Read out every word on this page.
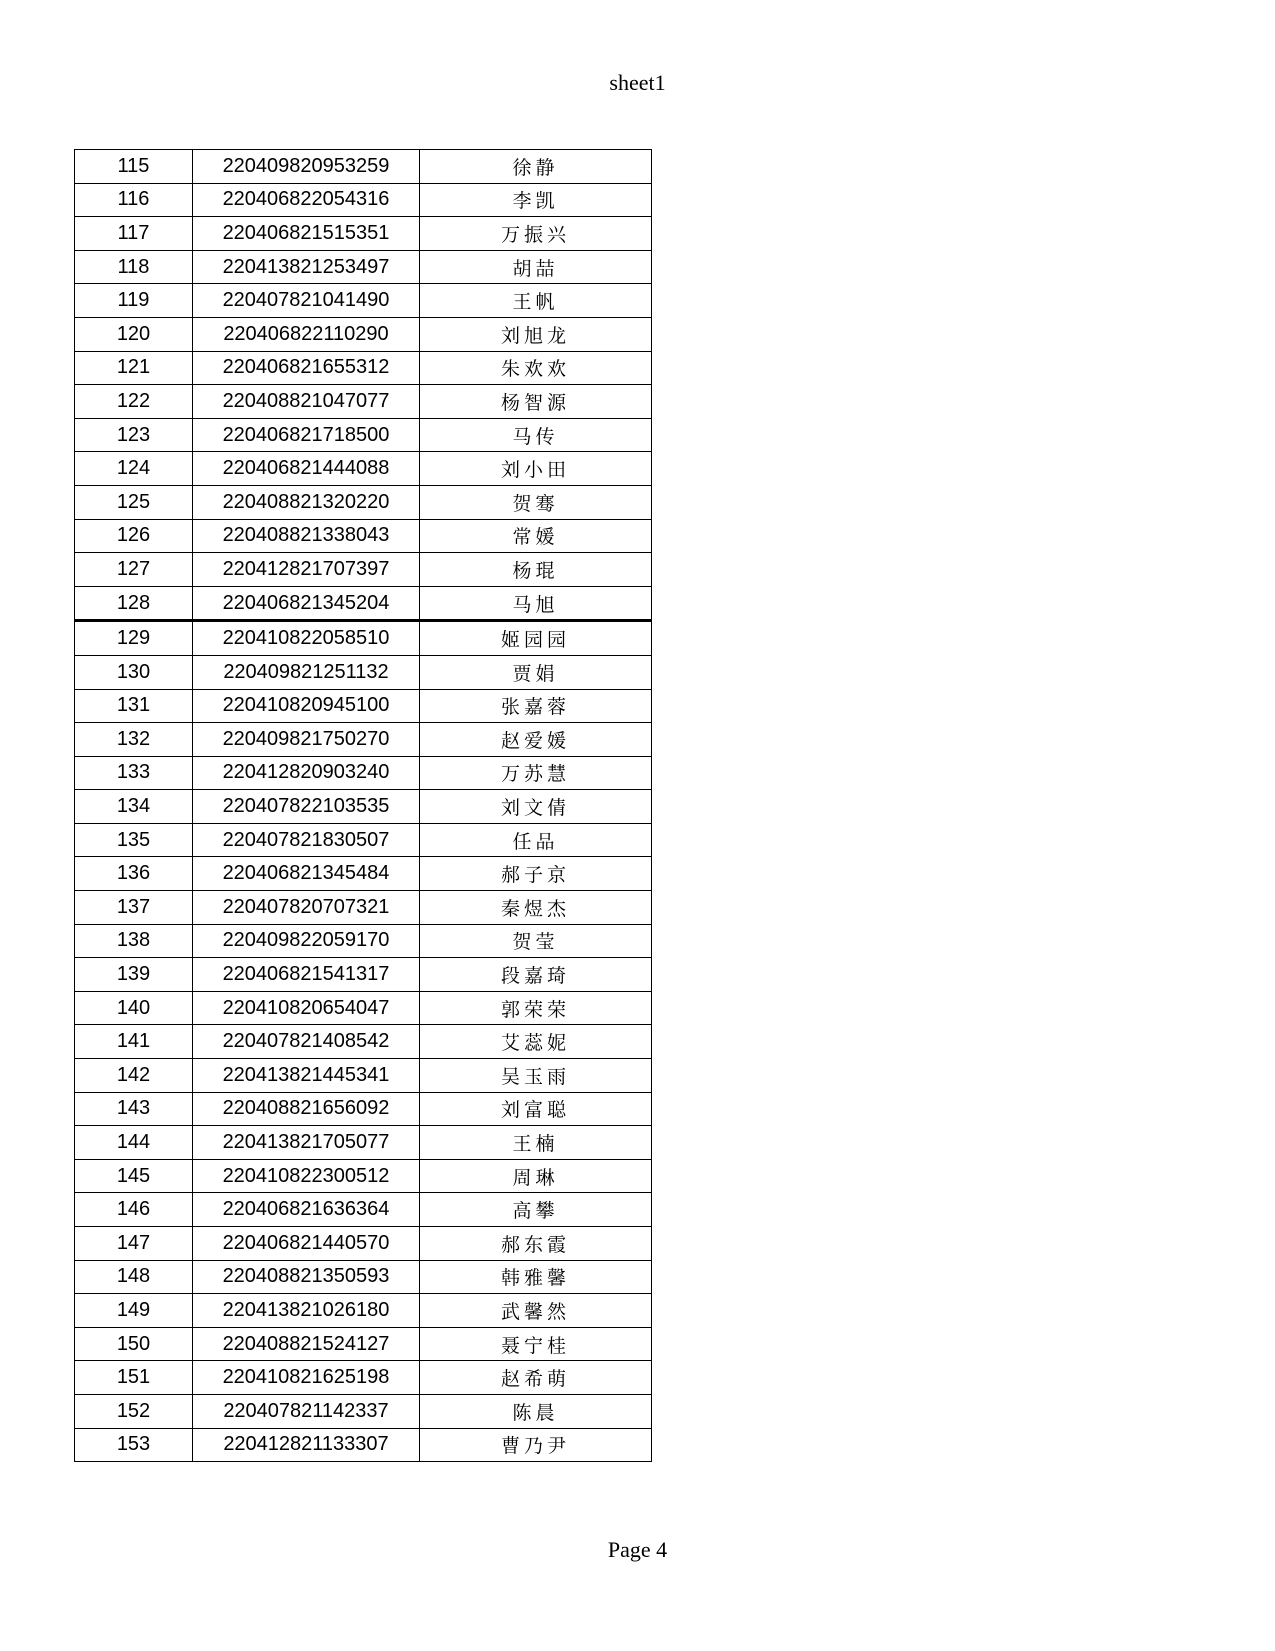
sheet1
115	220409820953259	徐静
116	220406822054316	李凯
117	220406821515351	万振兴
118	220413821253497	胡喆
119	220407821041490	王帆
120	220406822110290	刘旭龙
121	220406821655312	朱欢欢
122	220408821047077	杨智源
123	220406821718500	马传
124	220406821444088	刘小田
125	220408821320220	贺骞
126	220408821338043	常媛
127	220412821707397	杨琨
128	220406821345204	马旭
129	220410822058510	姬园园
130	220409821251132	贾娟
131	220410820945100	张嘉蓉
132	220409821750270	赵爱媛
133	220412820903240	万苏慧
134	220407822103535	刘文倩
135	220407821830507	任品
136	220406821345484	郝子京
137	220407820707321	秦煜杰
138	220409822059170	贺莹
139	220406821541317	段嘉琦
140	220410820654047	郭荣荣
141	220407821408542	艾蕊妮
142	220413821445341	吴玉雨
143	220408821656092	刘富聪
144	220413821705077	王楠
145	220410822300512	周琳
146	220406821636364	高攀
147	220406821440570	郝东霞
148	220408821350593	韩雅馨
149	220413821026180	武馨然
150	220408821524127	聂宁桂
151	220410821625198	赵希萌
152	220407821142337	陈晨
153	220412821133307	曹乃尹
Page 4
